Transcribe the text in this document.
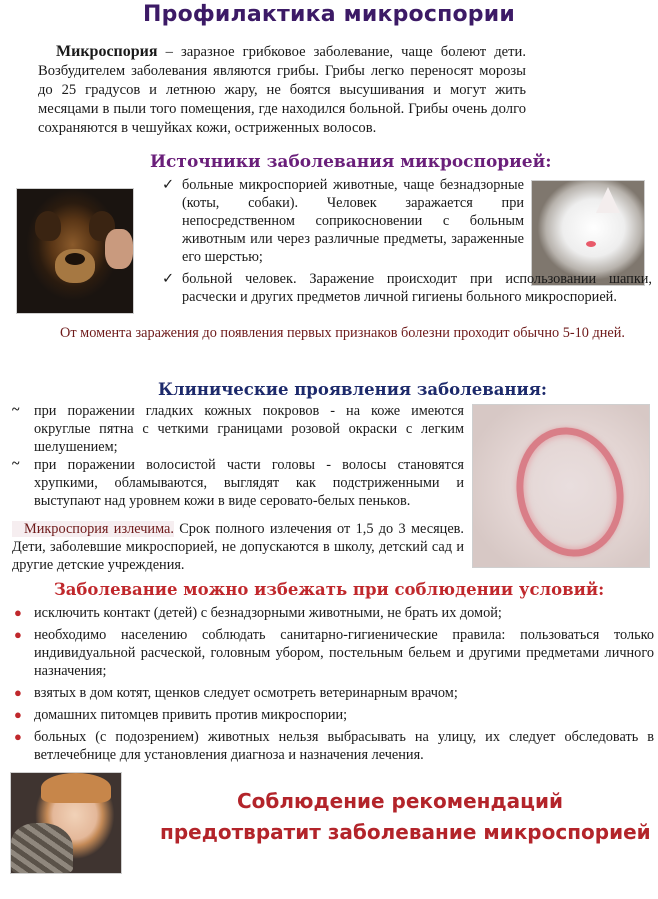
Профилактика микроспории
Микроспория – заразное грибковое заболевание, чаще болеют дети. Возбудителем заболевания являются грибы. Грибы легко переносят морозы до 25 градусов и летнюю жару, не боятся высушивания и могут жить месяцами в пыли того помещения, где находился больной. Грибы очень долго сохраняются в чешуйках кожи, остриженных волосов.
Источники заболевания микроспорией:
✓ больные микроспорией животные, чаще безнадзорные (коты, собаки). Человек заражается при непосредственном соприкосновении с больным животным или через различные предметы, зараженные его шерстью;
✓ больной человек. Заражение происходит при использовании шапки, расчески и других предметов личной гигиены больного микроспорией.
От момента заражения до появления первых признаков болезни проходит обычно 5-10 дней.
Клинические проявления заболевания:
~ при поражении гладких кожных покровов - на коже имеются округлые пятна с четкими границами розовой окраски с легким шелушением;
~ при поражении волосистой части головы - волосы становятся хрупкими, обламываются, выглядят как подстриженными и выступают над уровнем кожи в виде серовато-белых пеньков.
Микроспория излечима. Срок полного излечения от 1,5 до 3 месяцев. Дети, заболевшие микроспорией, не допускаются в школу, детский сад и другие детские учреждения.
Заболевание можно избежать при соблюдении условий:
● исключить контакт (детей) с безнадзорными животными, не брать их домой;
● необходимо населению соблюдать санитарно-гигиенические правила: пользоваться только индивидуальной расческой, головным убором, постельным бельем и другими предметами личного назначения;
● взятых в дом котят, щенков следует осмотреть ветеринарным врачом;
● домашних питомцев привить против микроспории;
● больных (с подозрением) животных нельзя выбрасывать на улицу, их следует обследовать в ветлечебнице для установления диагноза и назначения лечения.
Соблюдение рекомендаций
предотвратит заболевание микроспорией
